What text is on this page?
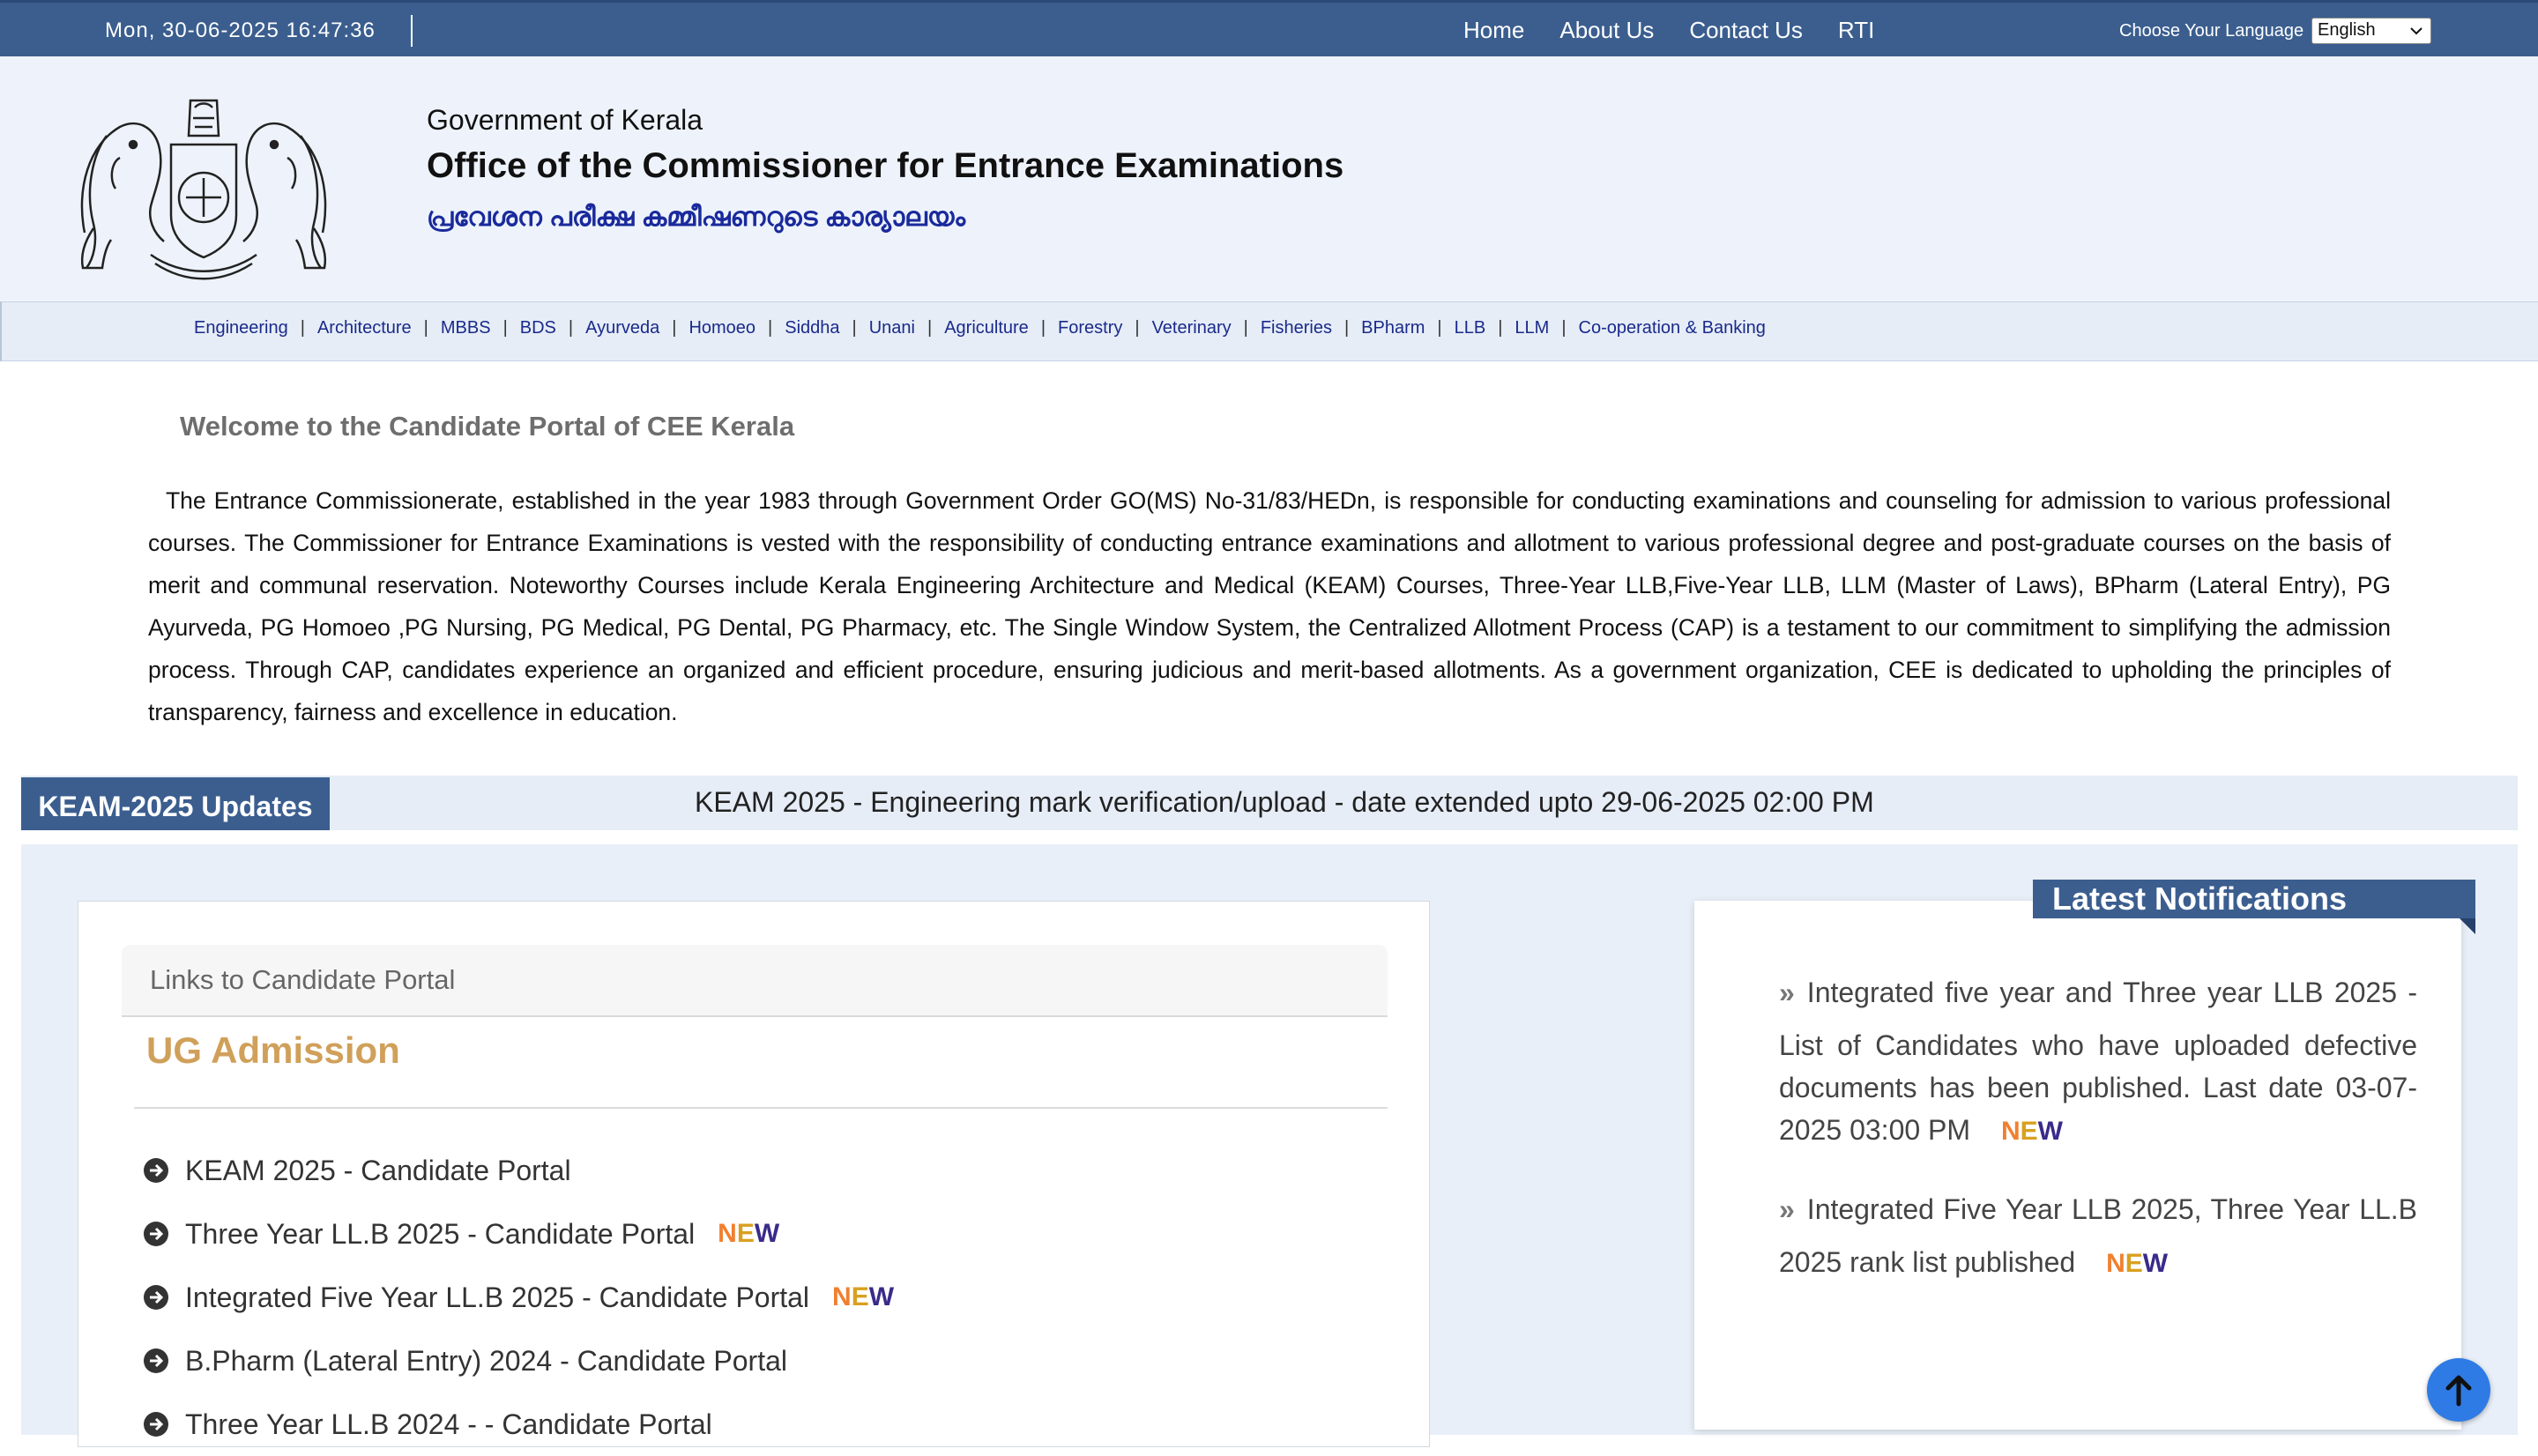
Mon, 30-06-2025 16:47:36	Home About Us Contact Us RTI	Choose Your Language English
Government of Kerala
Office of the Commissioner for Entrance Examinations
പ്രവേശന പരീക്ഷ കമ്മീഷണറുടെ കാര്യാലയം
Engineering | Architecture | MBBS | BDS | Ayurveda | Homoeo | Siddha | Unani | Agriculture | Forestry | Veterinary | Fisheries | BPharm | LLB | LLM | Co-operation & Banking
Welcome to the Candidate Portal of CEE Kerala
The Entrance Commissionerate, established in the year 1983 through Government Order GO(MS) No-31/83/HEDn, is responsible for conducting examinations and counseling for admission to various professional courses. The Commissioner for Entrance Examinations is vested with the responsibility of conducting entrance examinations and allotment to various professional degree and post-graduate courses on the basis of merit and communal reservation. Noteworthy Courses include Kerala Engineering Architecture and Medical (KEAM) Courses, Three-Year LLB,Five-Year LLB, LLM (Master of Laws), BPharm (Lateral Entry), PG Ayurveda, PG Homoeo ,PG Nursing, PG Medical, PG Dental, PG Pharmacy, etc. The Single Window System, the Centralized Allotment Process (CAP) is a testament to our commitment to simplifying the admission process. Through CAP, candidates experience an organized and efficient procedure, ensuring judicious and merit-based allotments. As a government organization, CEE is dedicated to upholding the principles of transparency, fairness and excellence in education.
KEAM-2025 Updates	KEAM 2025 - Engineering mark verification/upload - date extended upto 29-06-2025 02:00 PM
Links to Candidate Portal
UG Admission
KEAM 2025 - Candidate Portal
Three Year LL.B 2025 - Candidate Portal NEW
Integrated Five Year LL.B 2025 - Candidate Portal NEW
B.Pharm (Lateral Entry) 2024 - Candidate Portal
Three Year LL.B 2024 - - Candidate Portal
Latest Notifications
» Integrated five year and Three year LLB 2025 - List of Candidates who have uploaded defective documents has been published. Last date 03-07-2025 03:00 PM NEW
» Integrated Five Year LLB 2025, Three Year LL.B 2025 rank list published NEW
